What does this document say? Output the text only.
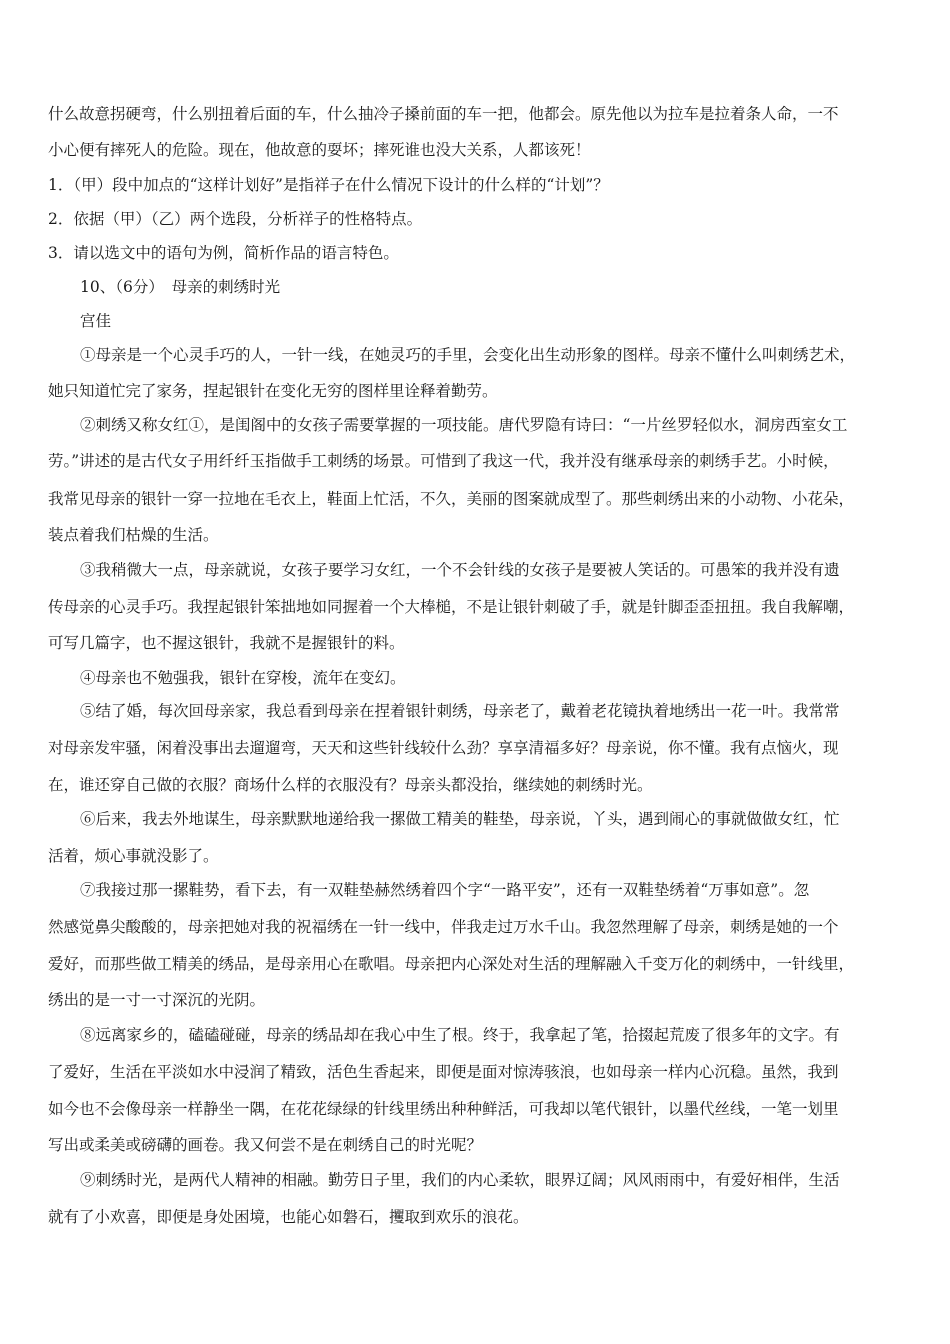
什么故意拐硬弯，什么别扭着后面的车，什么抽冷子搡前面的车一把，他都会。原先他以为拉车是拉着条人命，一不
小心便有摔死人的危险。现在，他故意的耍坏；摔死谁也没大关系，人都该死！
1．（甲）段中加点的“这样计划好”是指祥子在什么情况下设计的什么样的“计划”？
2．依据（甲）（乙）两个选段，分析祥子的性格特点。
3．请以选文中的语句为例，简析作品的语言特色。
10、（6分）　母亲的刺绣时光
宫佳
①母亲是一个心灵手巧的人，一针一线，在她灵巧的手里，会变化出生动形象的图样。母亲不懂什么叫刺绣艺术，
她只知道忙完了家务，捏起银针在变化无穷的图样里诠释着勤劳。
②刺绣又称女红①，是闺阁中的女孩子需要掌握的一项技能。唐代罗隐有诗曰：“一片丝罗轻似水，洞房西室女工
劳。”讲述的是古代女子用纤纤玉指做手工刺绣的场景。可惜到了我这一代，我并没有继承母亲的刺绣手艺。小时候，
我常见母亲的银针一穿一拉地在毛衣上，鞋面上忙活，不久，美丽的图案就成型了。那些刺绣出来的小动物、小花朵，
装点着我们枯燥的生活。
③我稍微大一点，母亲就说，女孩子要学习女红，一个不会针线的女孩子是要被人笑话的。可愚笨的我并没有遗
传母亲的心灵手巧。我捏起银针笨拙地如同握着一个大棒槌，不是让银针刺破了手，就是针脚歪歪扭扭。我自我解嘲，
可写几篇字，也不握这银针，我就不是握银针的料。
④母亲也不勉强我，银针在穿梭，流年在变幻。
⑤结了婚，每次回母亲家，我总看到母亲在捏着银针刺绣，母亲老了，戴着老花镜执着地绣出一花一叶。我常常
对母亲发牢骚，闲着没事出去遛遛弯，天天和这些针线较什么劲？享享清福多好？母亲说，你不懂。我有点恼火，现
在，谁还穿自己做的衣服？商场什么样的衣服没有？母亲头都没抬，继续她的刺绣时光。
⑥后来，我去外地谋生，母亲默默地递给我一摞做工精美的鞋垫，母亲说，丫头，遇到闹心的事就做做女红，忙
活着，烦心事就没影了。
⑦我接过那一摞鞋势，看下去，有一双鞋垫赫然绣着四个字“一路平安”，还有一双鞋垫绣着“万事如意”。忽
然感觉鼻尖酸酸的，母亲把她对我的祝福绣在一针一线中，伴我走过万水千山。我忽然理解了母亲，刺绣是她的一个
爱好，而那些做工精美的绣品，是母亲用心在歌唱。母亲把内心深处对生活的理解融入千变万化的刺绣中，一针线里，
绣出的是一寸一寸深沉的光阴。
⑧远离家乡的，磕磕碰碰，母亲的绣品却在我心中生了根。终于，我拿起了笔，拾掇起荒废了很多年的文字。有
了爱好，生活在平淡如水中浸润了精致，活色生香起来，即便是面对惊涛骇浪，也如母亲一样内心沉稳。虽然，我到
如今也不会像母亲一样静坐一隅，在花花绿绿的针线里绣出种种鲜活，可我却以笔代银针，以墨代丝线，一笔一划里
写出或柔美或磅礴的画卷。我又何尝不是在刺绣自己的时光呢？
⑨刺绣时光，是两代人精神的相融。勤劳日子里，我们的内心柔软，眼界辽阔；风风雨雨中，有爱好相伴，生活
就有了小欢喜，即便是身处困境，也能心如磐石，攫取到欢乐的浪花。
